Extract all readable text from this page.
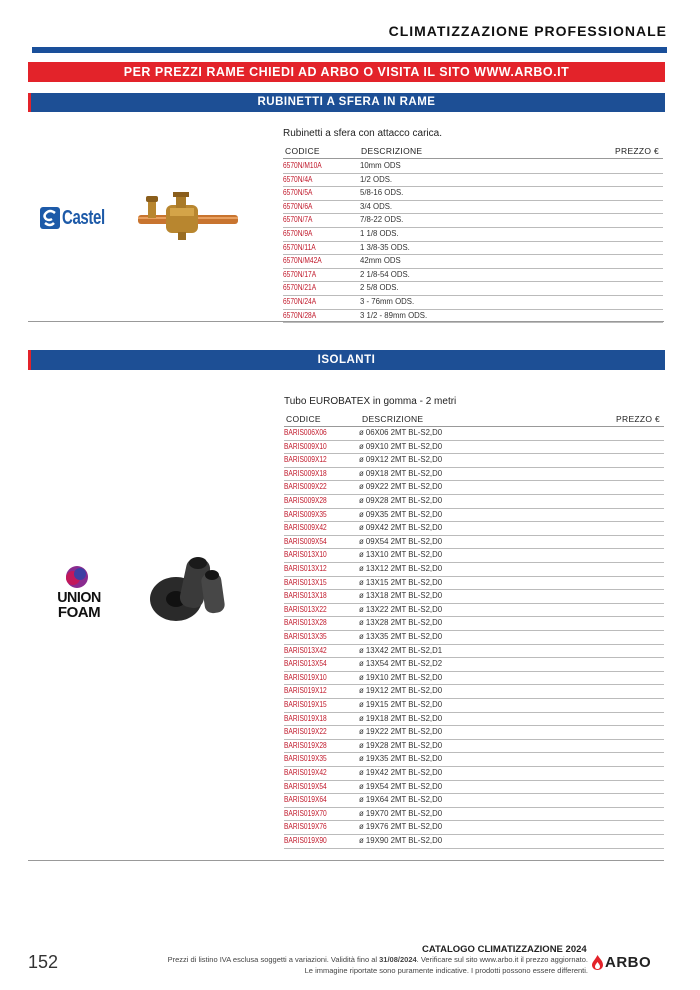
CLIMATIZZAZIONE PROFESSIONALE
PER PREZZI RAME CHIEDI AD ARBO O VISITA IL SITO WWW.ARBO.IT
RUBINETTI A SFERA IN RAME
Castel
Rubinetti a sfera con attacco carica.
CODICE	DESCRIZIONE	PREZZO €
6570N/M10A	10mm ODS
6570N/4A	1/2 ODS.
6570N/5A	5/8-16 ODS.
6570N/6A	3/4 ODS.
6570N/7A	7/8-22 ODS.
6570N/9A	1 1/8 ODS.
6570N/11A	1 3/8-35 ODS.
6570N/M42A	42mm ODS
6570N/17A	2 1/8-54 ODS.
6570N/21A	2 5/8 ODS.
6570N/24A	3 - 76mm ODS.
6570N/28A	3 1/2 - 89mm ODS.
ISOLANTI
UNION
FOAM
Tubo EUROBATEX in gomma - 2 metri
CODICE	DESCRIZIONE	PREZZO €
BARIS006X06	ø 06X06 2MT BL-S2,D0
BARIS009X10	ø 09X10 2MT BL-S2,D0
BARIS009X12	ø 09X12 2MT BL-S2,D0
BARIS009X18	ø 09X18 2MT BL-S2,D0
BARIS009X22	ø 09X22 2MT BL-S2,D0
BARIS009X28	ø 09X28 2MT BL-S2,D0
BARIS009X35	ø 09X35 2MT BL-S2,D0
BARIS009X42	ø 09X42 2MT BL-S2,D0
BARIS009X54	ø 09X54 2MT BL-S2,D0
BARIS013X10	ø 13X10 2MT BL-S2,D0
BARIS013X12	ø 13X12 2MT BL-S2,D0
BARIS013X15	ø 13X15 2MT BL-S2,D0
BARIS013X18	ø 13X18 2MT BL-S2,D0
BARIS013X22	ø 13X22 2MT BL-S2,D0
BARIS013X28	ø 13X28 2MT BL-S2,D0
BARIS013X35	ø 13X35 2MT BL-S2,D0
BARIS013X42	ø 13X42 2MT BL-S2,D1
BARIS013X54	ø 13X54 2MT BL-S2,D2
BARIS019X10	ø 19X10 2MT BL-S2,D0
BARIS019X12	ø 19X12 2MT BL-S2,D0
BARIS019X15	ø 19X15 2MT BL-S2,D0
BARIS019X18	ø 19X18 2MT BL-S2,D0
BARIS019X22	ø 19X22 2MT BL-S2,D0
BARIS019X28	ø 19X28 2MT BL-S2,D0
BARIS019X35	ø 19X35 2MT BL-S2,D0
BARIS019X42	ø 19X42 2MT BL-S2,D0
BARIS019X54	ø 19X54 2MT BL-S2,D0
BARIS019X64	ø 19X64 2MT BL-S2,D0
BARIS019X70	ø 19X70 2MT BL-S2,D0
BARIS019X76	ø 19X76 2MT BL-S2,D0
BARIS019X90	ø 19X90 2MT BL-S2,D0
152
CATALOGO CLIMATIZZAZIONE 2024
Prezzi di listino IVA esclusa soggetti a variazioni. Validità fino al 31/08/2024. Verificare sul sito www.arbo.it il prezzo aggiornato.
Le immagine riportate sono puramente indicative. I prodotti possono essere differenti. ARBO
